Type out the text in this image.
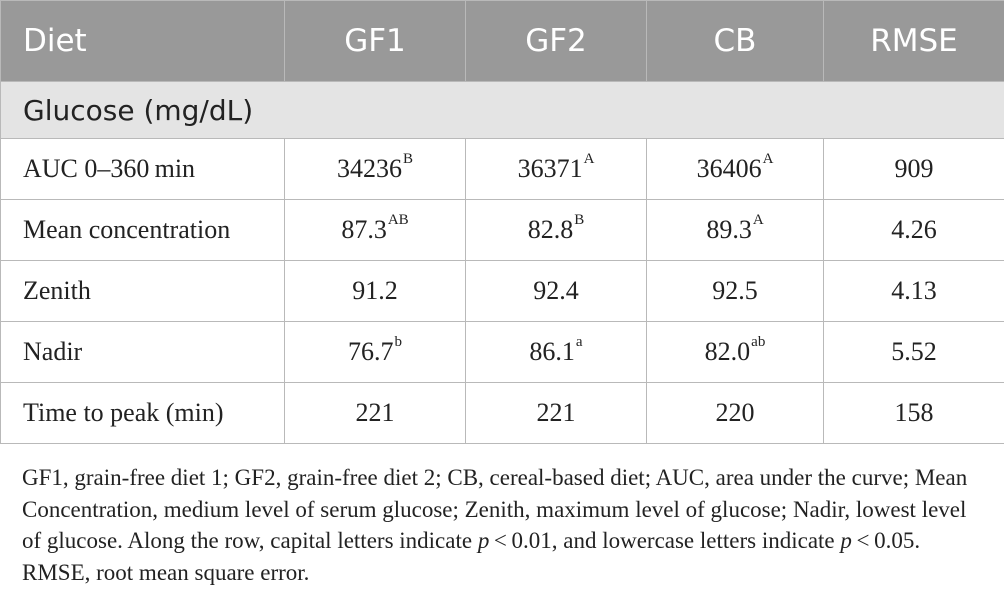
Diet	GF1	GF2	CB	RMSE
Glucose (mg/dL)				
AUC 0–360 min	$34236^B$	$36371^A$	$36406^A$	909
Mean concentration	$87.3^{AB}$	$82.8^B$	$89.3^A$	4.26
Zenith	91.2	92.4	92.5	4.13
Nadir	76.7$^b$	86.1$^a$	82.0$^{ab}$	5.52
Time to peak (min)	221	221	220	158
GF1, grain-free diet 1; GF2, grain-free diet 2; CB, cereal-based diet; AUC, area under the curve; Mean Concentration, medium level of serum glucose; Zenith, maximum level of glucose; Nadir, lowest level of glucose. Along the row, capital letters indicate p < 0.01, and lowercase letters indicate p < 0.05. RMSE, root mean square error.
